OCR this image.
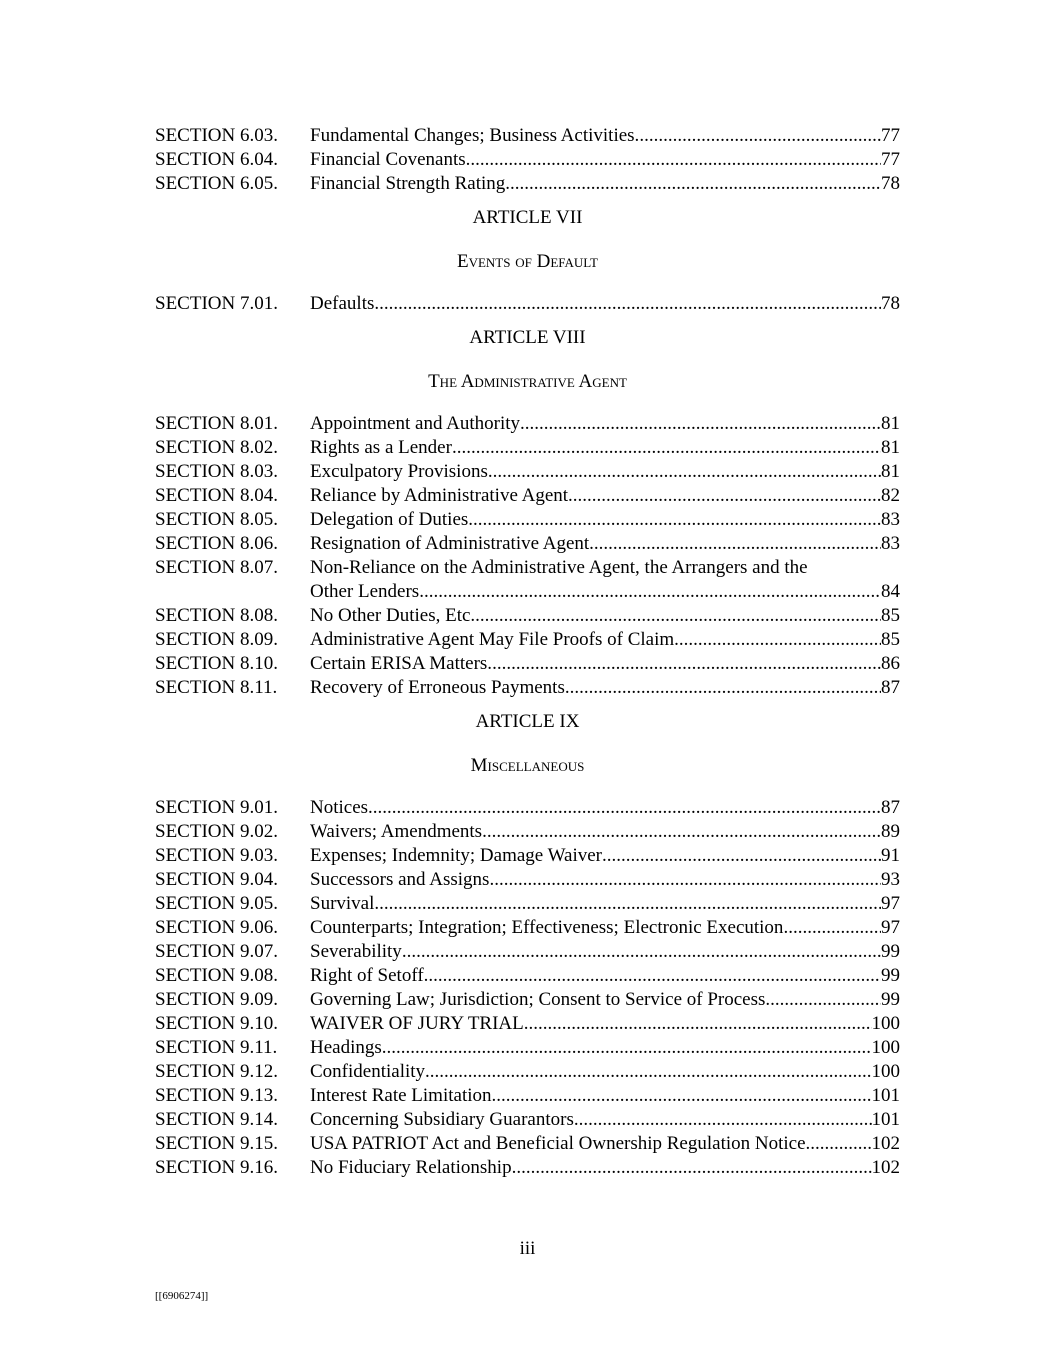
SECTION 6.03.	Fundamental Changes; Business Activities. .....	77
SECTION 6.04.	Financial Covenants. .....	77
SECTION 6.05.	Financial Strength Rating .....	78
ARTICLE VII
Events of Default
SECTION 7.01.	Defaults .....	78
ARTICLE VIII
The Administrative Agent
SECTION 8.01.	Appointment and Authority .....	81
SECTION 8.02.	Rights as a Lender .....	81
SECTION 8.03.	Exculpatory Provisions .....	81
SECTION 8.04.	Reliance by Administrative Agent .....	82
SECTION 8.05.	Delegation of Duties .....	83
SECTION 8.06.	Resignation of Administrative Agent. .....	83
SECTION 8.07.	Non-Reliance on the Administrative Agent, the Arrangers and the
Other Lenders .....	84
SECTION 8.08.	No Other Duties, Etc .....	85
SECTION 8.09.	Administrative Agent May File Proofs of Claim .....	85
SECTION 8.10.	Certain ERISA Matters. .....	86
SECTION 8.11.	Recovery of Erroneous Payments .....	87
ARTICLE IX
Miscellaneous
SECTION 9.01.	Notices .....	87
SECTION 9.02.	Waivers; Amendments .....	89
SECTION 9.03.	Expenses; Indemnity; Damage Waiver .....	91
SECTION 9.04.	Successors and Assigns .....	93
SECTION 9.05.	Survival .....	97
SECTION 9.06.	Counterparts; Integration; Effectiveness; Electronic Execution .....	97
SECTION 9.07.	Severability .....	99
SECTION 9.08.	Right of Setoff .....	99
SECTION 9.09.	Governing Law; Jurisdiction; Consent to Service of Process .....	99
SECTION 9.10.	WAIVER OF JURY TRIAL .....	100
SECTION 9.11.	Headings .....	100
SECTION 9.12.	Confidentiality .....	100
SECTION 9.13.	Interest Rate Limitation .....	101
SECTION 9.14.	Concerning Subsidiary Guarantors .....	101
SECTION 9.15.	USA PATRIOT Act and Beneficial Ownership Regulation Notice .....	102
SECTION 9.16.	No Fiduciary Relationship .....	102
iii
[[6906274]]
